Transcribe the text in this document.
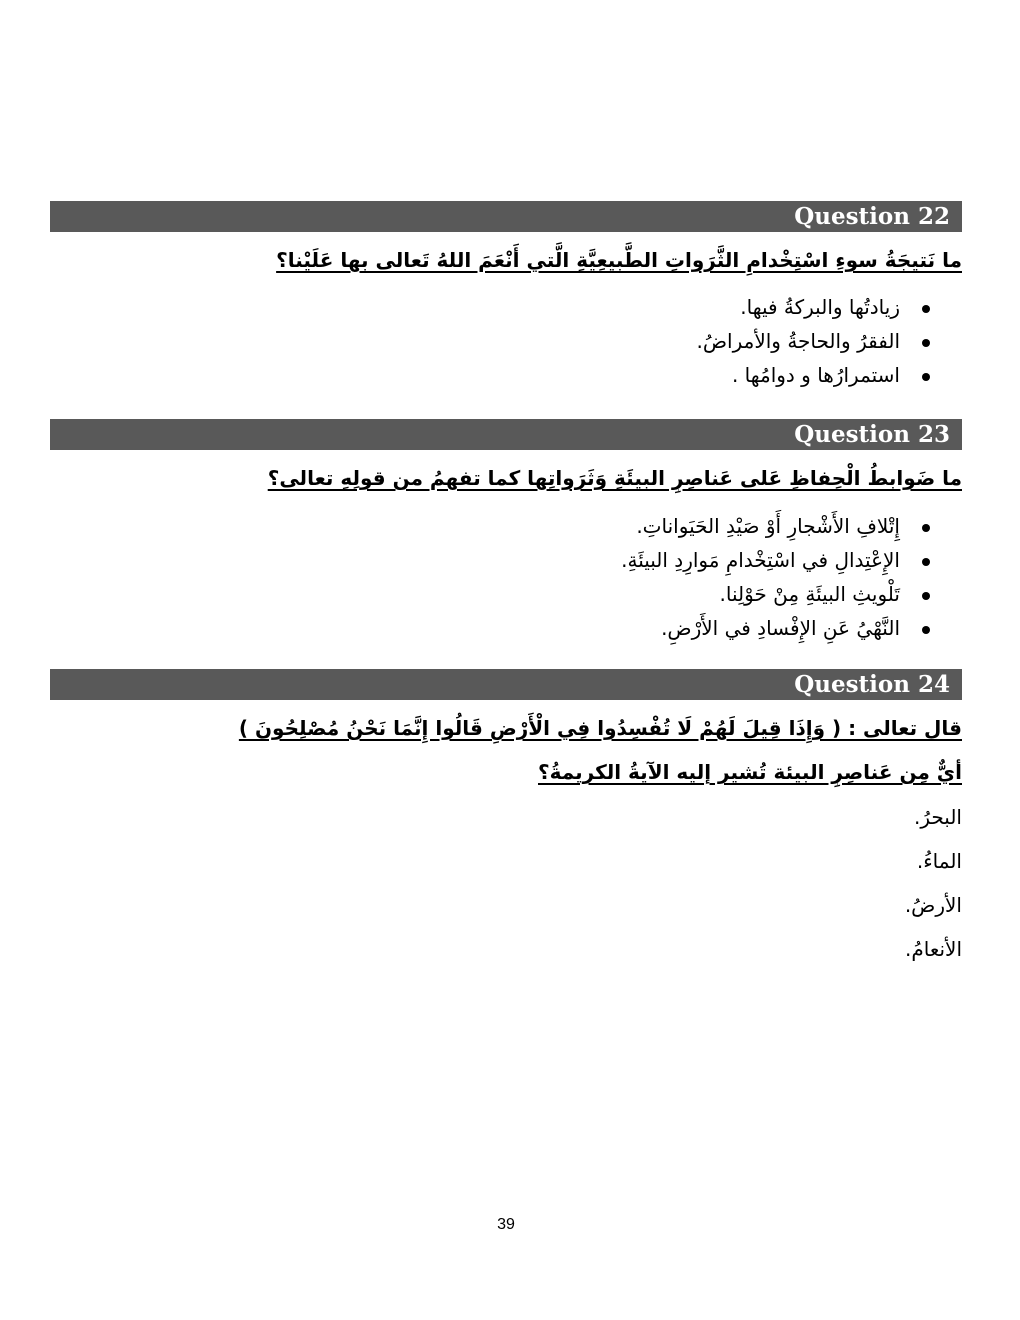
Question 22
ما نَتيجَةُ سوءِ اسْتِخْدامِ الثَّرَواتِ الطَّبيعِيَّةِ الَّتي أَنْعَمَ اللهُ تَعالى بها عَلَيْنا؟
زيادتُها والبركةُ فيها.
الفقرُ والحاجةُ والأمراضُ.
استمرارُها و دوامُها .
Question 23
ما ضَوابطُ الْحِفاظِ عَلى عَناصِرِ البيئَةِ وَثَرَواتِها كما تفهمُ من قولِهِ تعالى؟
إِتْلافِ الأَشْجارِ أَوْ صَيْدِ الحَيَواناتِ.
الإِعْتِدالِ في اسْتِخْدامِ مَوارِدِ البيئَةِ.
تَلْويثِ البيئَةِ مِنْ حَوْلِنا.
النَّهْيُ عَنِ الإِفْسادِ في الأَرْضِ.
Question 24
قال تعالى : ( وَإِذَا قِيلَ لَهُمْ لَا تُفْسِدُوا فِي الْأَرْضِ قَالُوا إِنَّمَا نَحْنُ مُصْلِحُونَ )
أيٌّ مِن عَناصِرِ البيئة تُشير إليه الآيةُ الكريمةُ؟
البحرُ.
الماءُ.
الأرضُ.
الأنعامُ.
39
